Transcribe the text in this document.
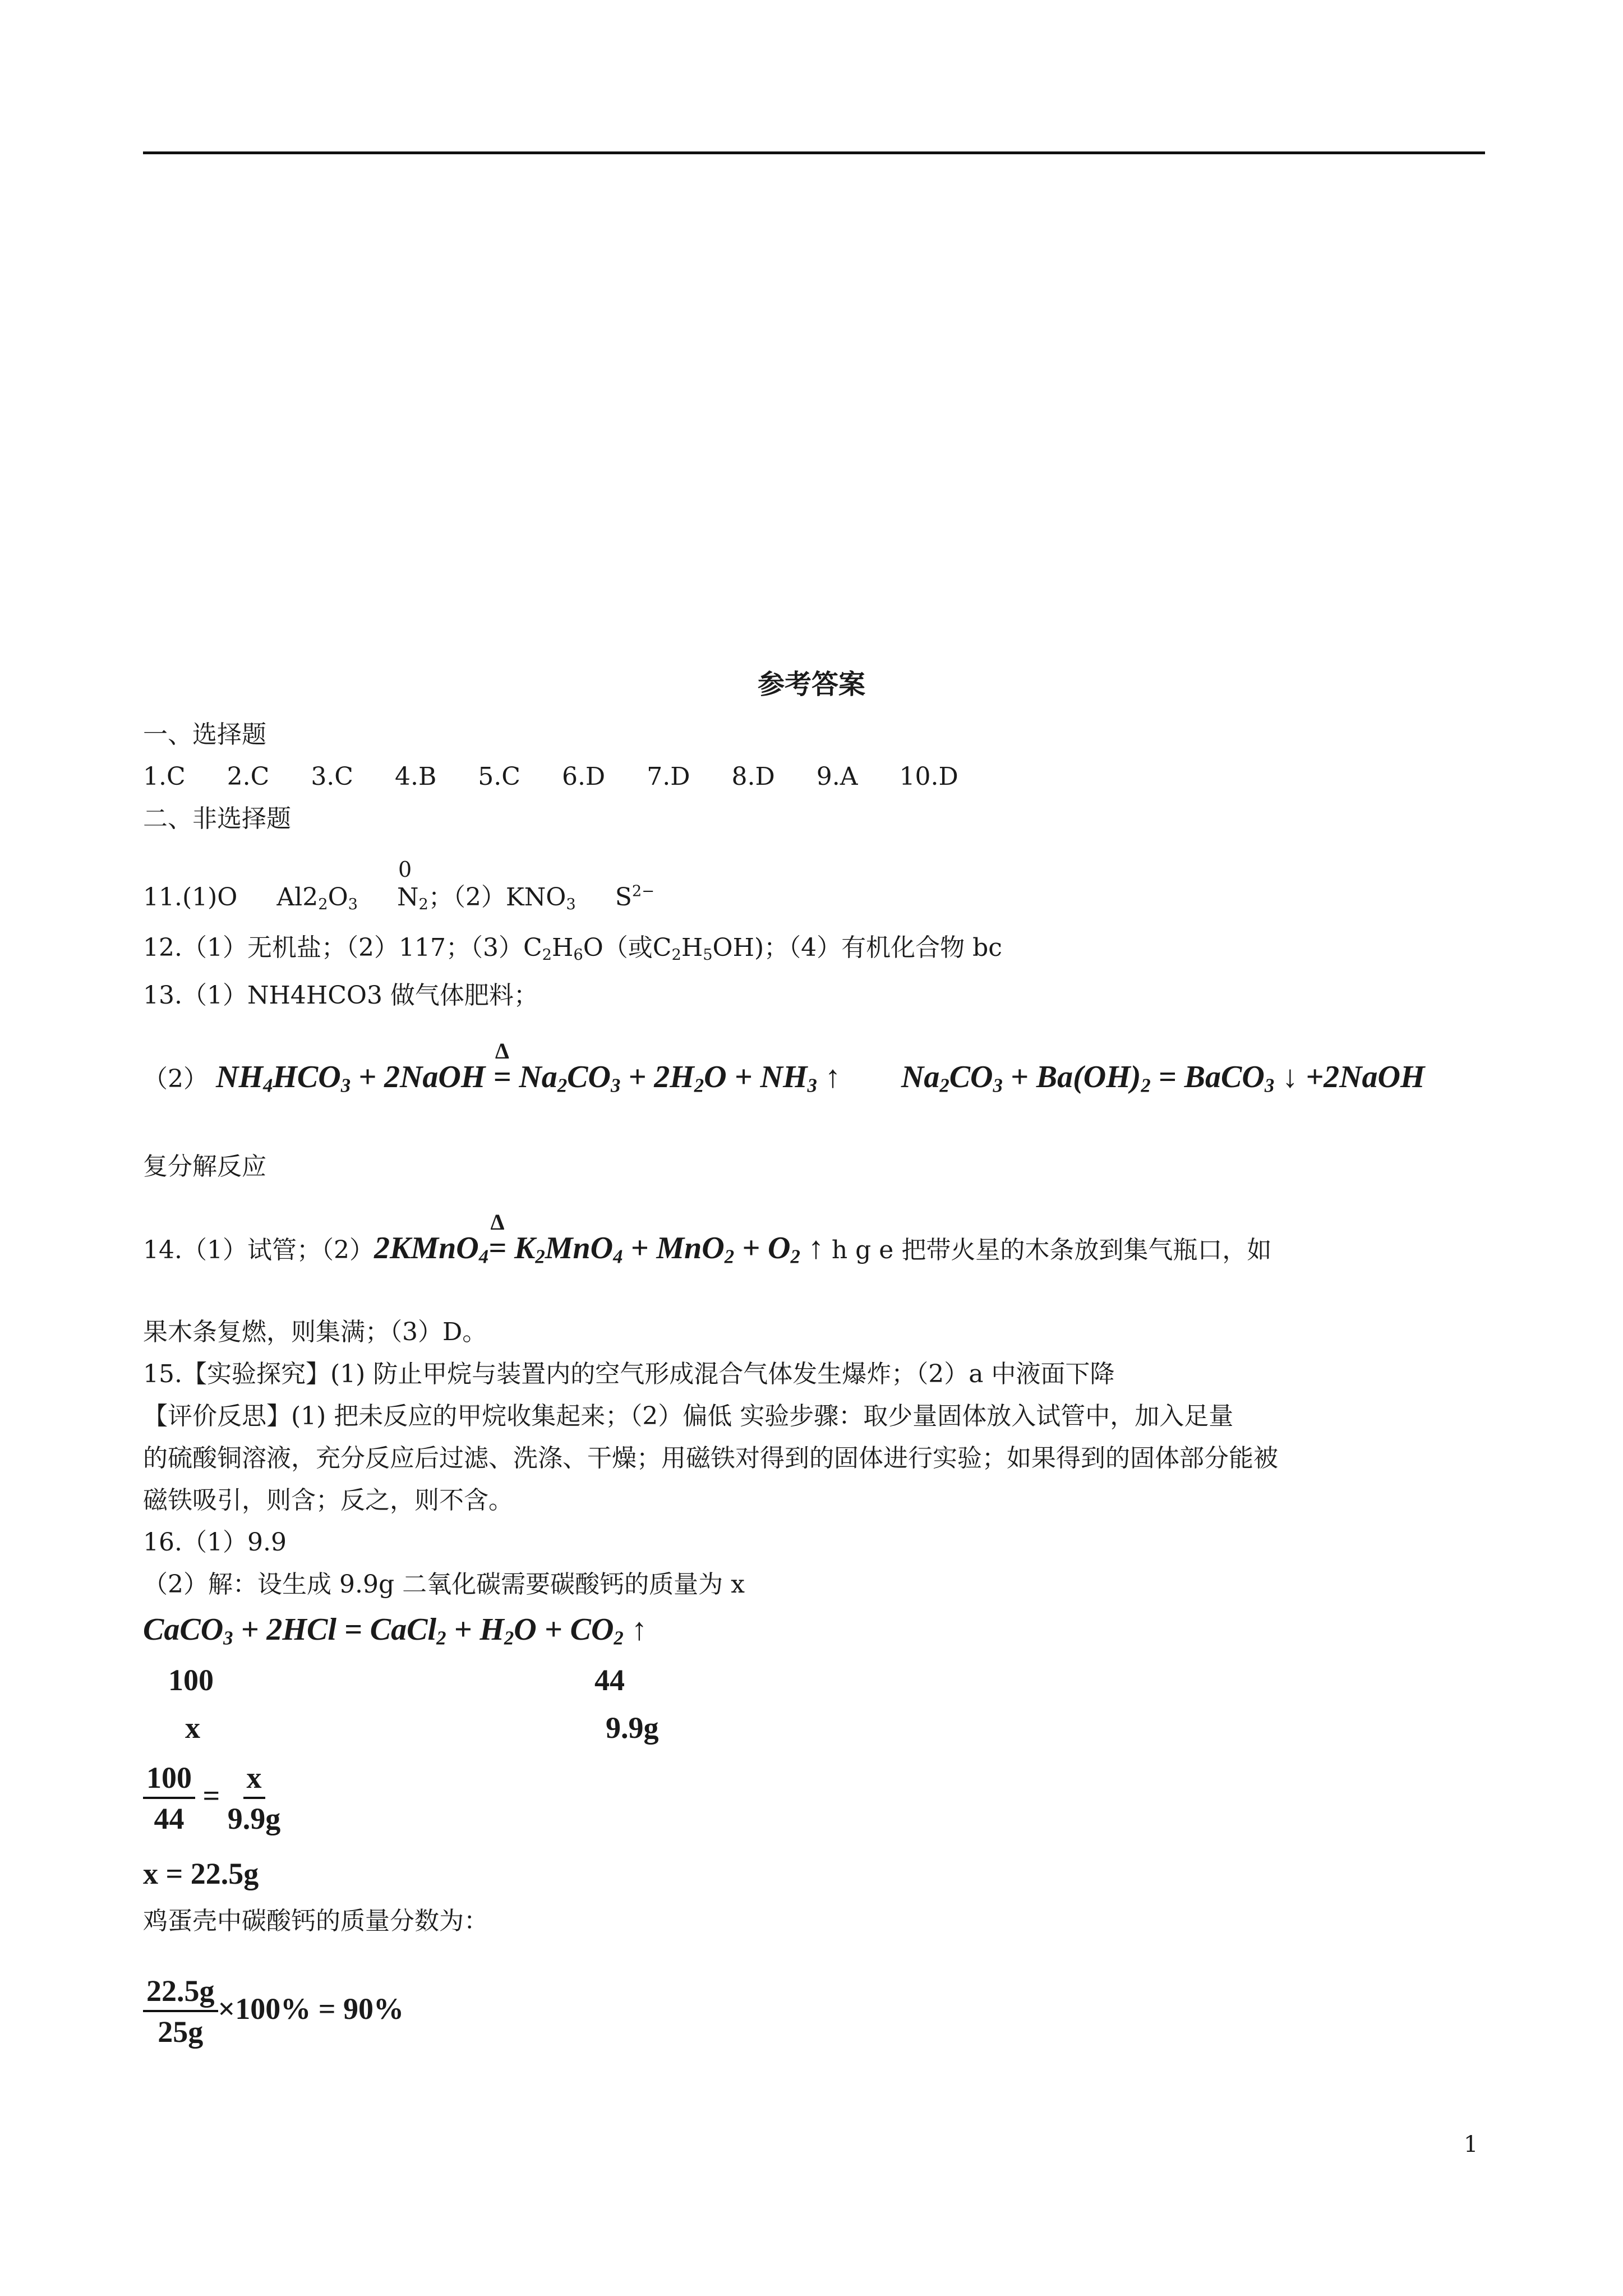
参考答案
一、选择题
1.C 2.C 3.C 4.B 5.C 6.D 7.D 8.D 9.A 10.D
二、非选择题
0
11.(1)O $Al2_2O_3$ $N_2$；$(2)KNO_3$ $S^{2-}$
12.（1）无机盐；（2）117；$(3)C_2H_6O$（或$C_2H_5OH$)；（4）有机化合物 bc
13.（1）NH4HCO3 做气体肥料；
（2） $NH_4HCO_3$ + 2NaOH
Δ
= $Na_2CO_3 + 2H_2O + NH_3$ ↑ $Na_2CO_3 + Ba(OH)_2$ = BaCO$_3$ ↓ +2NaOH
复分解反应
14.（1）试管；（2）2KMnO$_4$
Δ
= $K_2MnO_4 + MnO_2 + O_2$ ↑ h g e 把带火星的木条放到集气瓶口，如
果木条复燃，则集满；（3）D。
15.【实验探究】(1) 防止甲烷与装置内的空气形成混合气体发生爆炸；（2）a 中液面下降
【评价反思】(1) 把未反应的甲烷收集起来；（2）偏低 实验步骤：取少量固体放入试管中，加入足量
的硫酸铜溶液，充分反应后过滤、洗涤、干燥；用磁铁对得到的固体进行实验；如果得到的固体部分能被
磁铁吸引，则含；反之，则不含。
16.（1）9.9
（2）解：设生成 9.9g 二氧化碳需要碳酸钙的质量为 x
CaCO$_3$ + 2HCl = CaCl$_2$ + $H_2O + CO_2$ ↑
100	44
x	9.9g
$\frac{100}{44} = \frac{x}{9.9g}$
x = 22.5g
鸡蛋壳中碳酸钙的质量分数为：
$\frac{22.5g}{25g} \times 100\% = 90\%$
1
